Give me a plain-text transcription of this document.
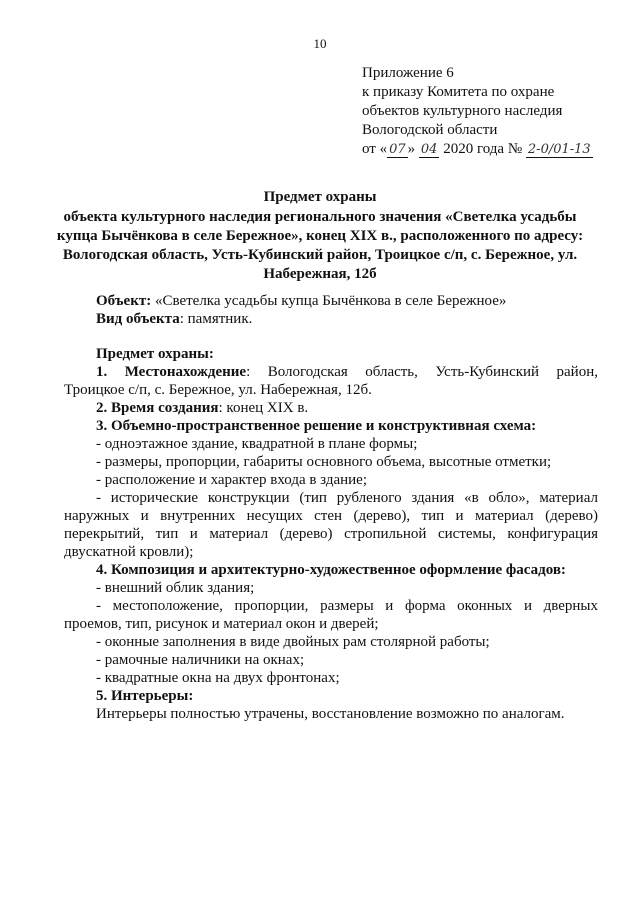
10
Приложение 6
к приказу Комитета по охране
объектов культурного наследия
Вологодской области
от « 07 » 04 2020 года № 2-0/01-13
Предмет охраны
объекта культурного наследия регионального значения «Светелка усадьбы
купца Бычёнкова в селе Бережное», конец XIX в., расположенного по адресу:
Вологодская область, Усть-Кубинский район, Троицкое с/п, с. Бережное, ул.
Набережная, 12б
Объект: «Светелка усадьбы купца Бычёнкова в селе Бережное»
Вид объекта: памятник.
Предмет охраны:
1. Местонахождение: Вологодская область, Усть-Кубинский район,
Троицкое с/п, с. Бережное, ул. Набережная, 12б.
2. Время создания: конец XIX в.
3. Объемно-пространственное решение и конструктивная схема:
- одноэтажное здание, квадратной в плане формы;
- размеры, пропорции, габариты основного объема, высотные отметки;
- расположение и характер входа в здание;
- исторические конструкции (тип рубленого здания «в обло», материал
наружных и внутренних несущих стен (дерево), тип и материал (дерево)
перекрытий, тип и материал (дерево) стропильной системы, конфигурация
двускатной кровли);
4. Композиция и архитектурно-художественное оформление фасадов:
- внешний облик здания;
- местоположение, пропорции, размеры и форма оконных и дверных
проемов, тип, рисунок и материал окон и дверей;
- оконные заполнения в виде двойных рам столярной работы;
- рамочные наличники на окнах;
- квадратные окна на двух фронтонах;
5. Интерьеры:
Интерьеры полностью утрачены, восстановление возможно по аналогам.
